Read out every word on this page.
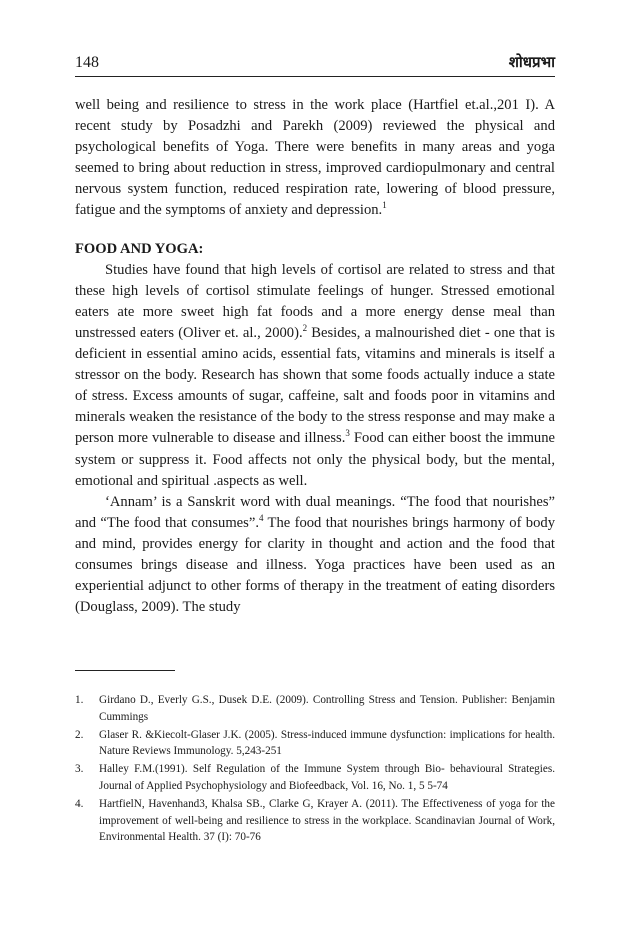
148	शोधप्रभा

well being and resilience to stress in the work place (Hartfiel et.al.,201 I). A recent study by Posadzhi and Parekh (2009) reviewed the physical and psychological benefits of Yoga. There were benefits in many areas and yoga seemed to bring about reduction in stress, improved cardiopulmonary and central nervous system function, reduced respiration rate, lowering of blood pressure, fatigue and the symptoms of anxiety and depression.$^1$

FOOD AND YOGA:

Studies have found that high levels of cortisol are related to stress and that these high levels of cortisol stimulate feelings of hunger. Stressed emotional eaters ate more sweet high fat foods and a more energy dense meal than unstressed eaters (Oliver et. al., 2000).$^2$ Besides, a malnourished diet - one that is deficient in essential amino acids, essential fats, vitamins and minerals is itself a stressor on the body. Research has shown that some foods actually induce a state of stress. Excess amounts of sugar, caffeine, salt and foods poor in vitamins and minerals weaken the resistance of the body to the stress response and may make a person more vulnerable to disease and illness.$^3$ Food can either boost the immune system or suppress it. Food affects not only the physical body, but the mental, emotional and spiritual .aspects as well.

‘Annam’ is a Sanskrit word with dual meanings. “The food that nourishes” and “The food that consumes”.$^4$ The food that nourishes brings harmony of body and mind, provides energy for clarity in thought and action and the food that consumes brings disease and illness. Yoga practices have been used as an experiential adjunct to other forms of therapy in the treatment of eating disorders (Douglass, 2009). The study

1.	Girdano D., Everly G.S., Dusek D.E. (2009). Controlling Stress and Tension. Publisher: Benjamin Cummings
2.	Glaser R. &Kiecolt-Glaser J.K. (2005). Stress-induced immune dysfunction: implications for health. Nature Reviews Immunology. 5,243-251
3.	Halley F.M.(1991). Self Regulation of the Immune System through Bio- behavioural Strategies. Journal of Applied Psychophysiology and Biofeedback, Vol. 16, No. 1, 5 5-74
4.	HartfielN, Havenhand3, Khalsa SB., Clarke G, Krayer A. (2011). The Effectiveness of yoga for the improvement of well-being and resilience to stress in the workplace. Scandinavian Journal of Work, Environmental Health. 37 (I): 70-76
